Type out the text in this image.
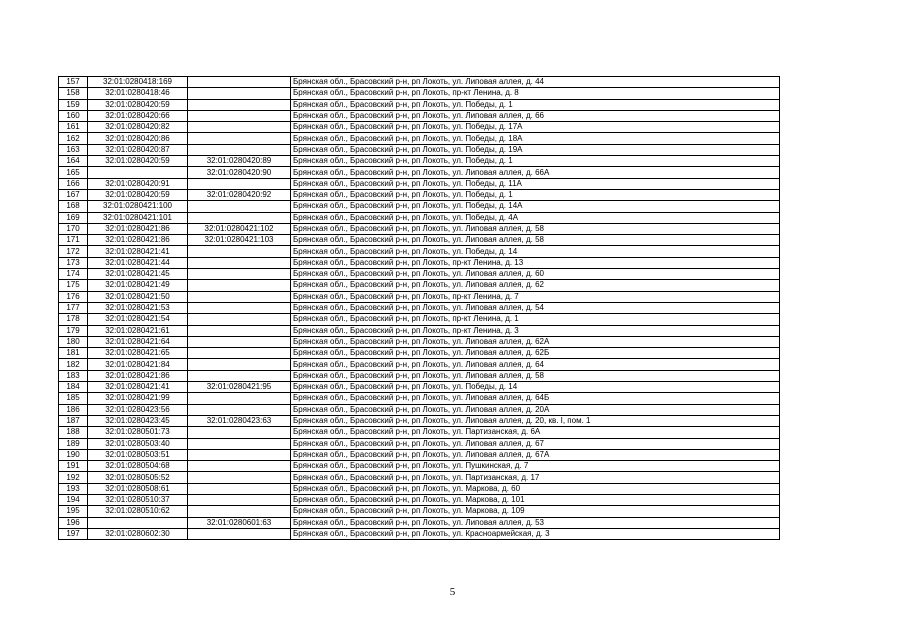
157	32:01:0280418:169		Брянская обл., Брасовский р-н, рп Локоть, ул. Липовая аллея, д. 44
158	32:01:0280418:46		Брянская обл., Брасовский р-н, рп Локоть, пр-кт Ленина, д. 8
159	32:01:0280420:59		Брянская обл., Брасовский р-н, рп Локоть, ул. Победы, д. 1
160	32:01:0280420:66		Брянская обл., Брасовский р-н, рп Локоть, ул. Липовая аллея, д. 66
161	32:01:0280420:82		Брянская обл., Брасовский р-н, рп Локоть, ул. Победы, д. 17А
162	32:01:0280420:86		Брянская обл., Брасовский р-н, рп Локоть, ул. Победы, д. 18А
163	32:01:0280420:87		Брянская обл., Брасовский р-н, рп Локоть, ул. Победы, д. 19А
164	32:01:0280420:59	32:01:0280420:89	Брянская обл., Брасовский р-н, рп Локоть, ул. Победы, д. 1
165		32:01:0280420:90	Брянская обл., Брасовский р-н, рп Локоть, ул. Липовая аллея, д. 66А
166	32:01:0280420:91		Брянская обл., Брасовский р-н, рп Локоть, ул. Победы, д. 11А
167	32:01:0280420:59	32:01:0280420:92	Брянская обл., Брасовский р-н, рп Локоть, ул. Победы, д. 1
168	32:01:0280421:100		Брянская обл., Брасовский р-н, рп Локоть, ул. Победы, д. 14А
169	32:01:0280421:101		Брянская обл., Брасовский р-н, рп Локоть, ул. Победы, д. 4А
170	32:01:0280421:86	32:01:0280421:102	Брянская обл., Брасовский р-н, рп Локоть, ул. Липовая аллея, д. 58
171	32:01:0280421:86	32:01:0280421:103	Брянская обл., Брасовский р-н, рп Локоть, ул. Липовая аллея, д. 58
172	32:01:0280421:41		Брянская обл., Брасовский р-н, рп Локоть, ул. Победы, д. 14
173	32:01:0280421:44		Брянская обл., Брасовский р-н, рп Локоть, пр-кт Ленина, д. 13
174	32:01:0280421:45		Брянская обл., Брасовский р-н, рп Локоть, ул. Липовая аллея, д. 60
175	32:01:0280421:49		Брянская обл., Брасовский р-н, рп Локоть, ул. Липовая аллея, д. 62
176	32:01:0280421:50		Брянская обл., Брасовский р-н, рп Локоть, пр-кт Ленина, д. 7
177	32:01:0280421:53		Брянская обл., Брасовский р-н, рп Локоть, ул. Липовая аллея, д. 54
178	32:01:0280421:54		Брянская обл., Брасовский р-н, рп Локоть, пр-кт Ленина, д. 1
179	32:01:0280421:61		Брянская обл., Брасовский р-н, рп Локоть, пр-кт Ленина, д. 3
180	32:01:0280421:64		Брянская обл., Брасовский р-н, рп Локоть, ул. Липовая аллея, д. 62А
181	32:01:0280421:65		Брянская обл., Брасовский р-н, рп Локоть, ул. Липовая аллея, д. 62Б
182	32:01:0280421:84		Брянская обл., Брасовский р-н, рп Локоть, ул. Липовая аллея, д. 64
183	32:01:0280421:86		Брянская обл., Брасовский р-н, рп Локоть, ул. Липовая аллея, д. 58
184	32:01:0280421:41	32:01:0280421:95	Брянская обл., Брасовский р-н, рп Локоть, ул. Победы, д. 14
185	32:01:0280421:99		Брянская обл., Брасовский р-н, рп Локоть, ул. Липовая аллея, д. 64Б
186	32:01:0280423:56		Брянская обл., Брасовский р-н, рп Локоть, ул. Липовая аллея, д. 20А
187	32:01:0280423:45	32:01:0280423:63	Брянская обл., Брасовский р-н, рп Локоть, ул. Липовая аллея, д. 20, кв. I, пом. 1
188	32:01:0280501:73		Брянская обл., Брасовский р-н, рп Локоть, ул. Партизанская, д. 6А
189	32:01:0280503:40		Брянская обл., Брасовский р-н, рп Локоть, ул. Липовая аллея, д. 67
190	32:01:0280503:51		Брянская обл., Брасовский р-н, рп Локоть, ул. Липовая аллея, д. 67А
191	32:01:0280504:68		Брянская обл., Брасовский р-н, рп Локоть, ул. Пушкинская, д. 7
192	32:01:0280505:52		Брянская обл., Брасовский р-н, рп Локоть, ул. Партизанская, д. 17
193	32:01:0280508:61		Брянская обл., Брасовский р-н, рп Локоть, ул. Маркова, д. 60
194	32:01:0280510:37		Брянская обл., Брасовский р-н, рп Локоть, ул. Маркова, д. 101
195	32:01:0280510:62		Брянская обл., Брасовский р-н, рп Локоть, ул. Маркова, д. 109
196		32:01:0280601:63	Брянская обл., Брасовский р-н, рп Локоть, ул. Липовая аллея, д. 53
197	32:01:0280602:30		Брянская обл., Брасовский р-н, рп Локоть, ул. Красноармейская, д. 3
5
